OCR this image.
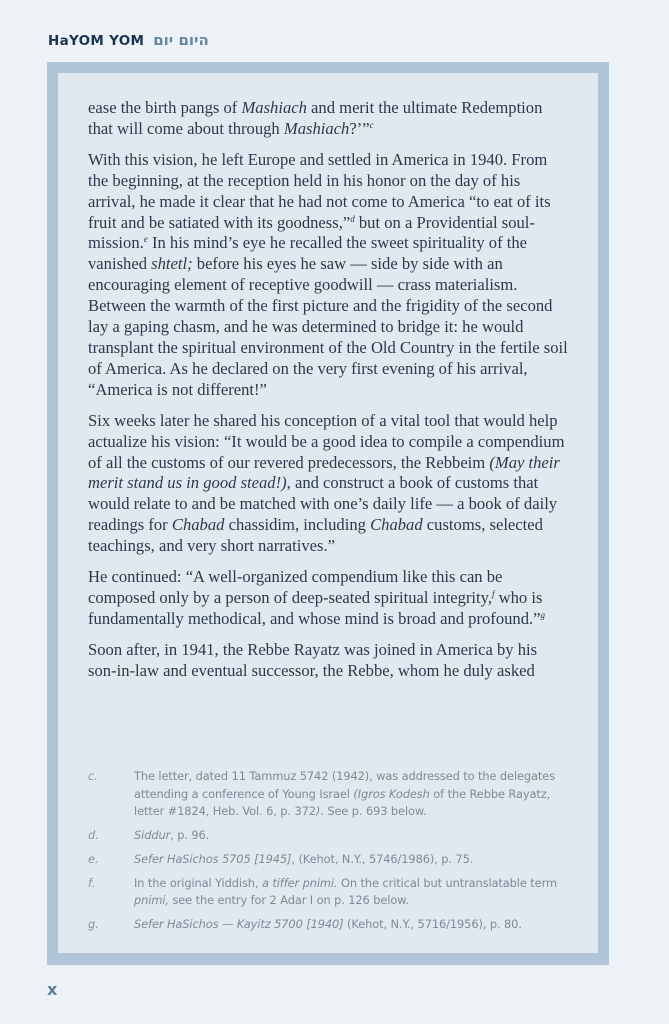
HaYOM YOM היום יום

ease the birth pangs of Mashiach and merit the ultimate Redemption that will come about through Mashiach?’”$^c$

With this vision, he left Europe and settled in America in 1940. From the beginning, at the reception held in his honor on the day of his arrival, he made it clear that he had not come to America “to eat of its fruit and be satiated with its goodness,”$^d$ but on a Providential soul-mission.$^e$ In his mind’s eye he recalled the sweet spirituality of the vanished shtetl; before his eyes he saw — side by side with an encouraging element of receptive goodwill — crass materialism. Between the warmth of the first picture and the frigidity of the second lay a gaping chasm, and he was determined to bridge it: he would transplant the spiritual environment of the Old Country in the fertile soil of America. As he declared on the very first evening of his arrival, “America is not different!”

Six weeks later he shared his conception of a vital tool that would help actualize his vision: “It would be a good idea to compile a compendium of all the customs of our revered predecessors, the Rebbeim (May their merit stand us in good stead!), and construct a book of customs that would relate to and be matched with one’s daily life — a book of daily readings for Chabad chassidim, including Chabad customs, selected teachings, and very short narratives.”

He continued: “A well-organized compendium like this can be composed only by a person of deep-seated spiritual integrity,$^f$ who is fundamentally methodical, and whose mind is broad and profound.”$^g$

Soon after, in 1941, the Rebbe Rayatz was joined in America by his son-in-law and eventual successor, the Rebbe, whom he duly asked

c.	The letter, dated 11 Tammuz 5742 (1942), was addressed to the delegates attending a conference of Young Israel (Igros Kodesh of the Rebbe Rayatz, letter #1824, Heb. Vol. 6, p. 372). See p. 693 below.
d.	Siddur, p. 96.
e.	Sefer HaSichos 5705 [1945], (Kehot, N.Y., 5746/1986), p. 75.
f.	In the original Yiddish, a tiffer pnimi. On the critical but untranslatable term pnimi, see the entry for 2 Adar I on p. 126 below.
g.	Sefer HaSichos — Kayitz 5700 [1940] (Kehot, N.Y., 5716/1956), p. 80.
x
